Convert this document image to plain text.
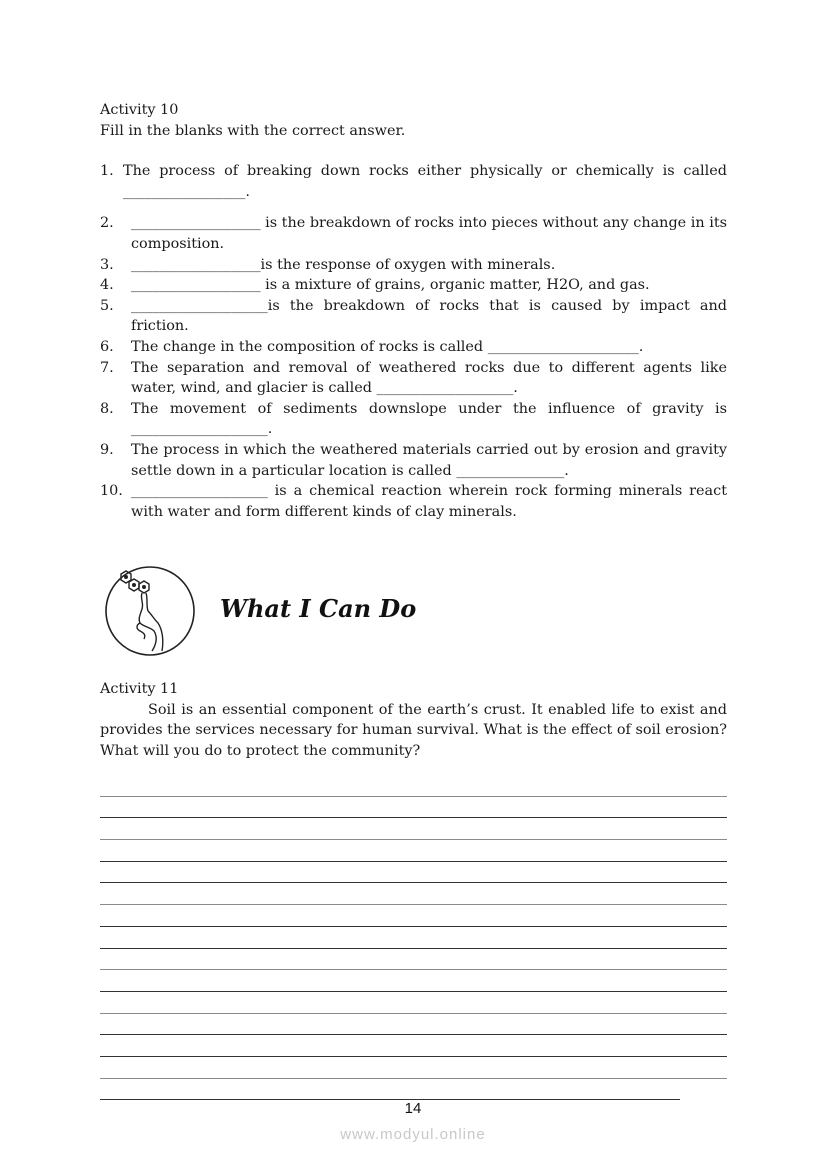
Activity 10
Fill in the blanks with the correct answer.
1. The process of breaking down rocks either physically or chemically is called _________________.
2.	__________________ is the breakdown of rocks into pieces without any change in its composition.
3.	__________________is the response of oxygen with minerals.
4.	__________________ is a mixture of grains, organic matter, H2O, and gas.
5.	___________________is the breakdown of rocks that is caused by impact and friction.
6.	The change in the composition of rocks is called _____________________.
7.	The separation and removal of weathered rocks due to different agents like water, wind, and glacier is called ___________________.
8.	The movement of sediments downslope under the influence of gravity is ___________________.
9.	The process in which the weathered materials carried out by erosion and gravity settle down in a particular location is called _______________.
10. ___________________ is a chemical reaction wherein rock forming minerals react with water and form different kinds of clay minerals.
What I Can Do
Activity 11
Soil is an essential component of the earth’s crust. It enabled life to exist and provides the services necessary for human survival. What is the effect of soil erosion? What will you do to protect the community?
14
www.modyul.online
